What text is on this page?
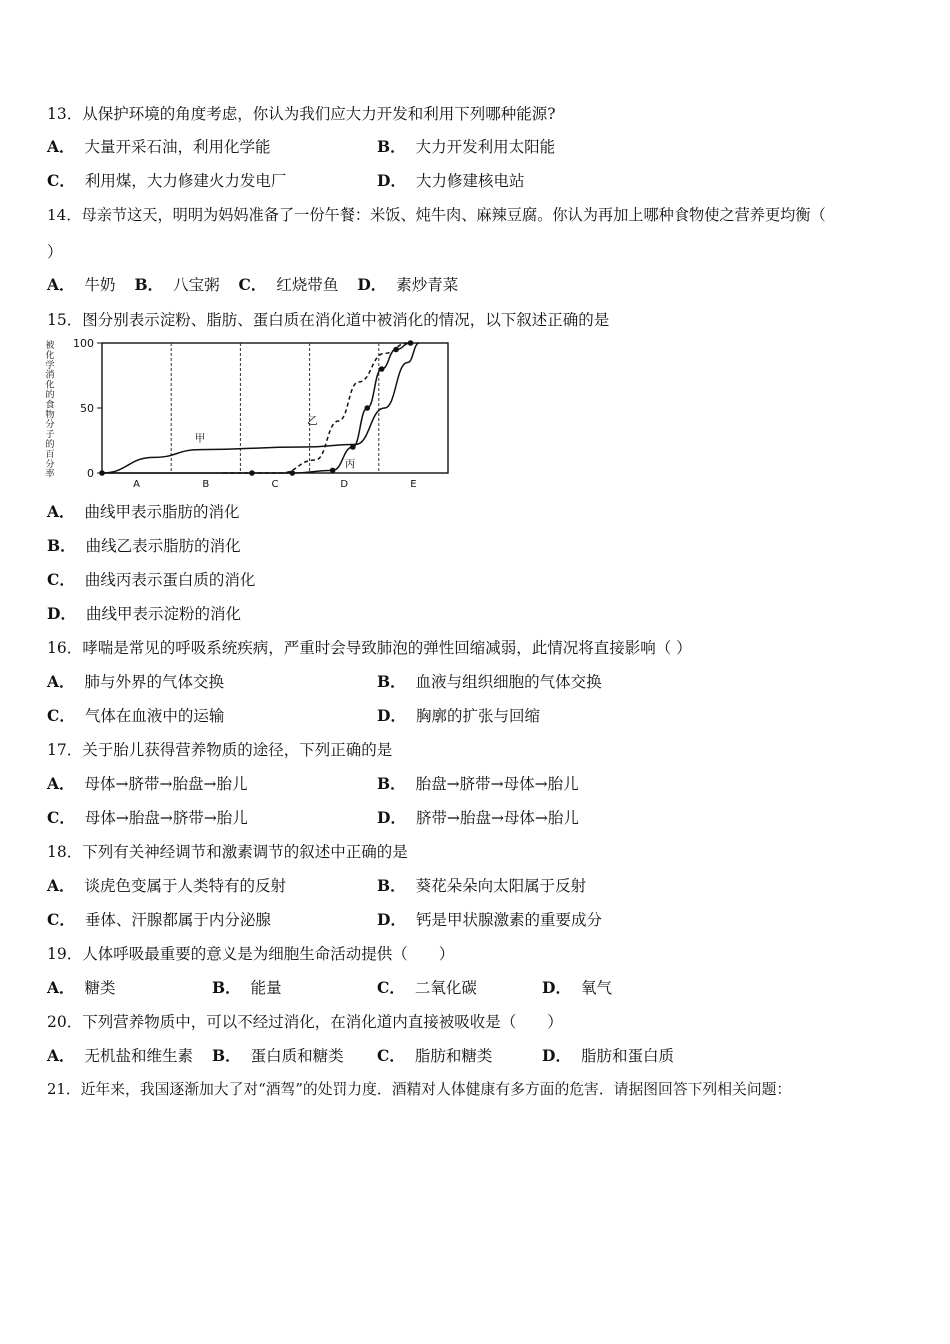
13．从保护环境的角度考虑，你认为我们应大力开发和利用下列哪种能源?
A． 大量开采石油，利用化学能	B． 大力开发利用太阳能
C． 利用煤，大力修建火力发电厂	D． 大力修建核电站
14．母亲节这天，明明为妈妈准备了一份午餐：米饭、炖牛肉、麻辣豆腐。你认为再加上哪种食物使之营养更均衡（
）
A． 牛奶 B． 八宝粥 C． 红烧带鱼 D． 素炒青菜
15．图分别表示淀粉、脂肪、蛋白质在消化道中被消化的情况，以下叙述正确的是
被化学消化的食物分子的百分率	0
50
100
A	B	C	D	E
甲
乙
丙
A． 曲线甲表示脂肪的消化
B． 曲线乙表示脂肪的消化
C． 曲线丙表示蛋白质的消化
D． 曲线甲表示淀粉的消化
16．哮喘是常见的呼吸系统疾病，严重时会导致肺泡的弹性回缩减弱，此情况将直接影响（ ）
A． 肺与外界的气体交换	B． 血液与组织细胞的气体交换
C． 气体在血液中的运输	D． 胸廓的扩张与回缩
17．关于胎儿获得营养物质的途径，下列正确的是
A． 母体→脐带→胎盘→胎儿	B． 胎盘→脐带→母体→胎儿
C． 母体→胎盘→脐带→胎儿	D． 脐带→胎盘→母体→胎儿
18．下列有关神经调节和激素调节的叙述中正确的是
A． 谈虎色变属于人类特有的反射	B． 葵花朵朵向太阳属于反射
C． 垂体、汗腺都属于内分泌腺	D． 钙是甲状腺激素的重要成分
19．人体呼吸最重要的意义是为细胞生命活动提供（　　）
A． 糖类	B． 能量	C． 二氧化碳	D． 氧气
20．下列营养物质中，可以不经过消化，在消化道内直接被吸收是（　　）
A． 无机盐和维生素 B． 蛋白质和糖类 C． 脂肪和糖类	D． 脂肪和蛋白质
21．近年来，我国逐渐加大了对“酒驾”的处罚力度．酒精对人体健康有多方面的危害．请据图回答下列相关问题：
